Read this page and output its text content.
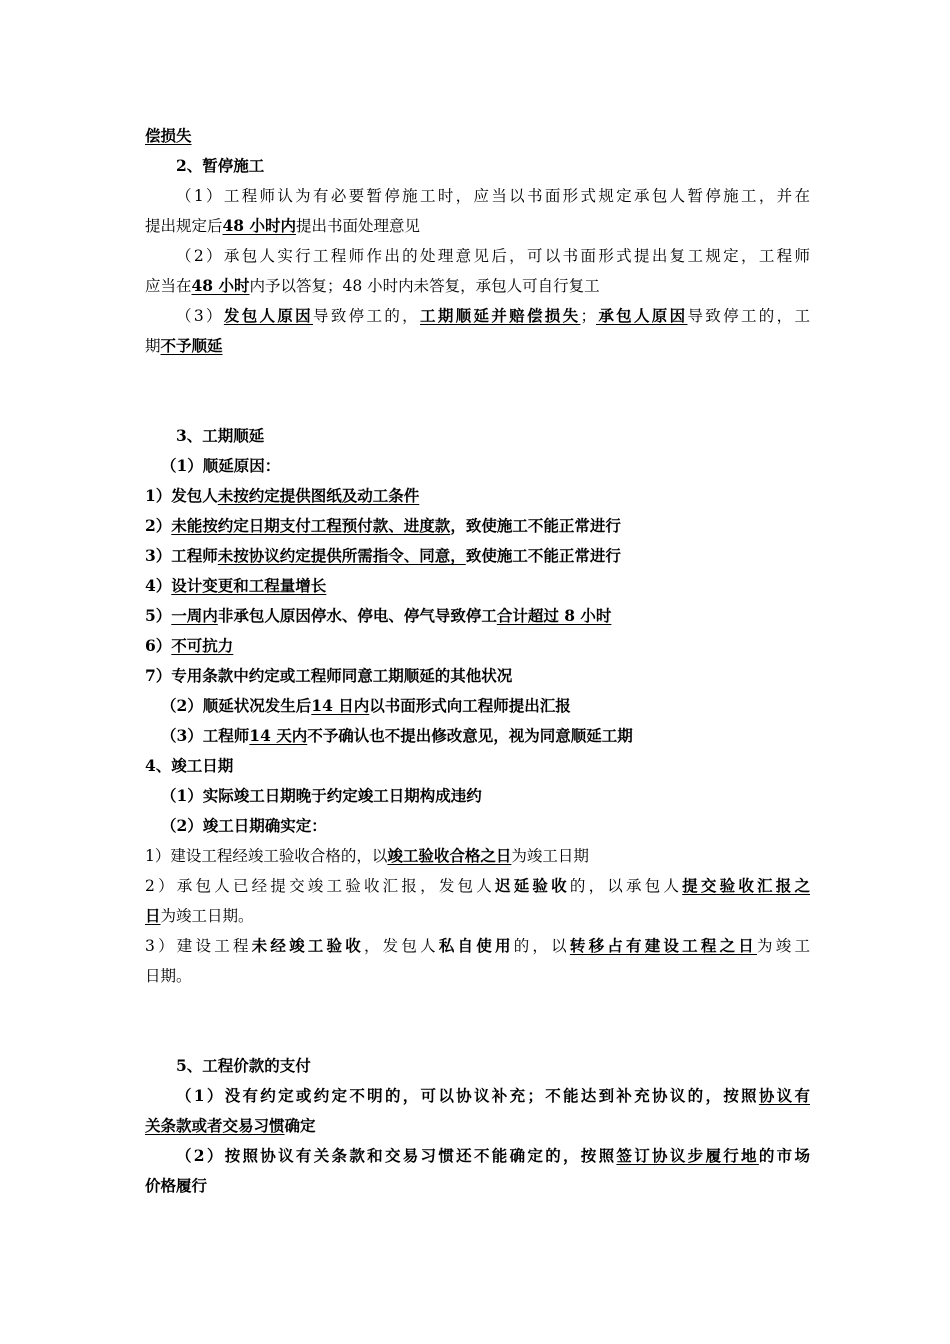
偿损失
2、暂停施工
（1）工程师认为有必要暂停施工时，应当以书面形式规定承包人暂停施工，并在
提出规定后48 小时内提出书面处理意见
（2）承包人实行工程师作出的处理意见后，可以书面形式提出复工规定，工程师
应当在48 小时内予以答复；48 小时内未答复，承包人可自行复工
（3）发包人原因导致停工的，工期顺延并赔偿损失；承包人原因导致停工的，工
期不予顺延
3、工期顺延
（1）顺延原因：
1）发包人未按约定提供图纸及动工条件
2）未能按约定日期支付工程预付款、进度款，致使施工不能正常进行
3）工程师未按协议约定提供所需指令、同意，致使施工不能正常进行
4）设计变更和工程量增长
5）一周内非承包人原因停水、停电、停气导致停工合计超过 8 小时
6）不可抗力
7）专用条款中约定或工程师同意工期顺延的其他状况
（2）顺延状况发生后14 日内以书面形式向工程师提出汇报
（3）工程师14 天内不予确认也不提出修改意见，视为同意顺延工期
4、竣工日期
（1）实际竣工日期晚于约定竣工日期构成违约
（2）竣工日期确实定：
1）建设工程经竣工验收合格的，以竣工验收合格之日为竣工日期
2）承包人已经提交竣工验收汇报，发包人迟延验收的，以承包人提交验收汇报之
日为竣工日期。
3）建设工程未经竣工验收，发包人私自使用的，以转移占有建设工程之日为竣工
日期。
5、工程价款的支付
（1）没有约定或约定不明的，可以协议补充；不能达到补充协议的，按照协议有
关条款或者交易习惯确定
（2）按照协议有关条款和交易习惯还不能确定的，按照签订协议步履行地的市场
价格履行
